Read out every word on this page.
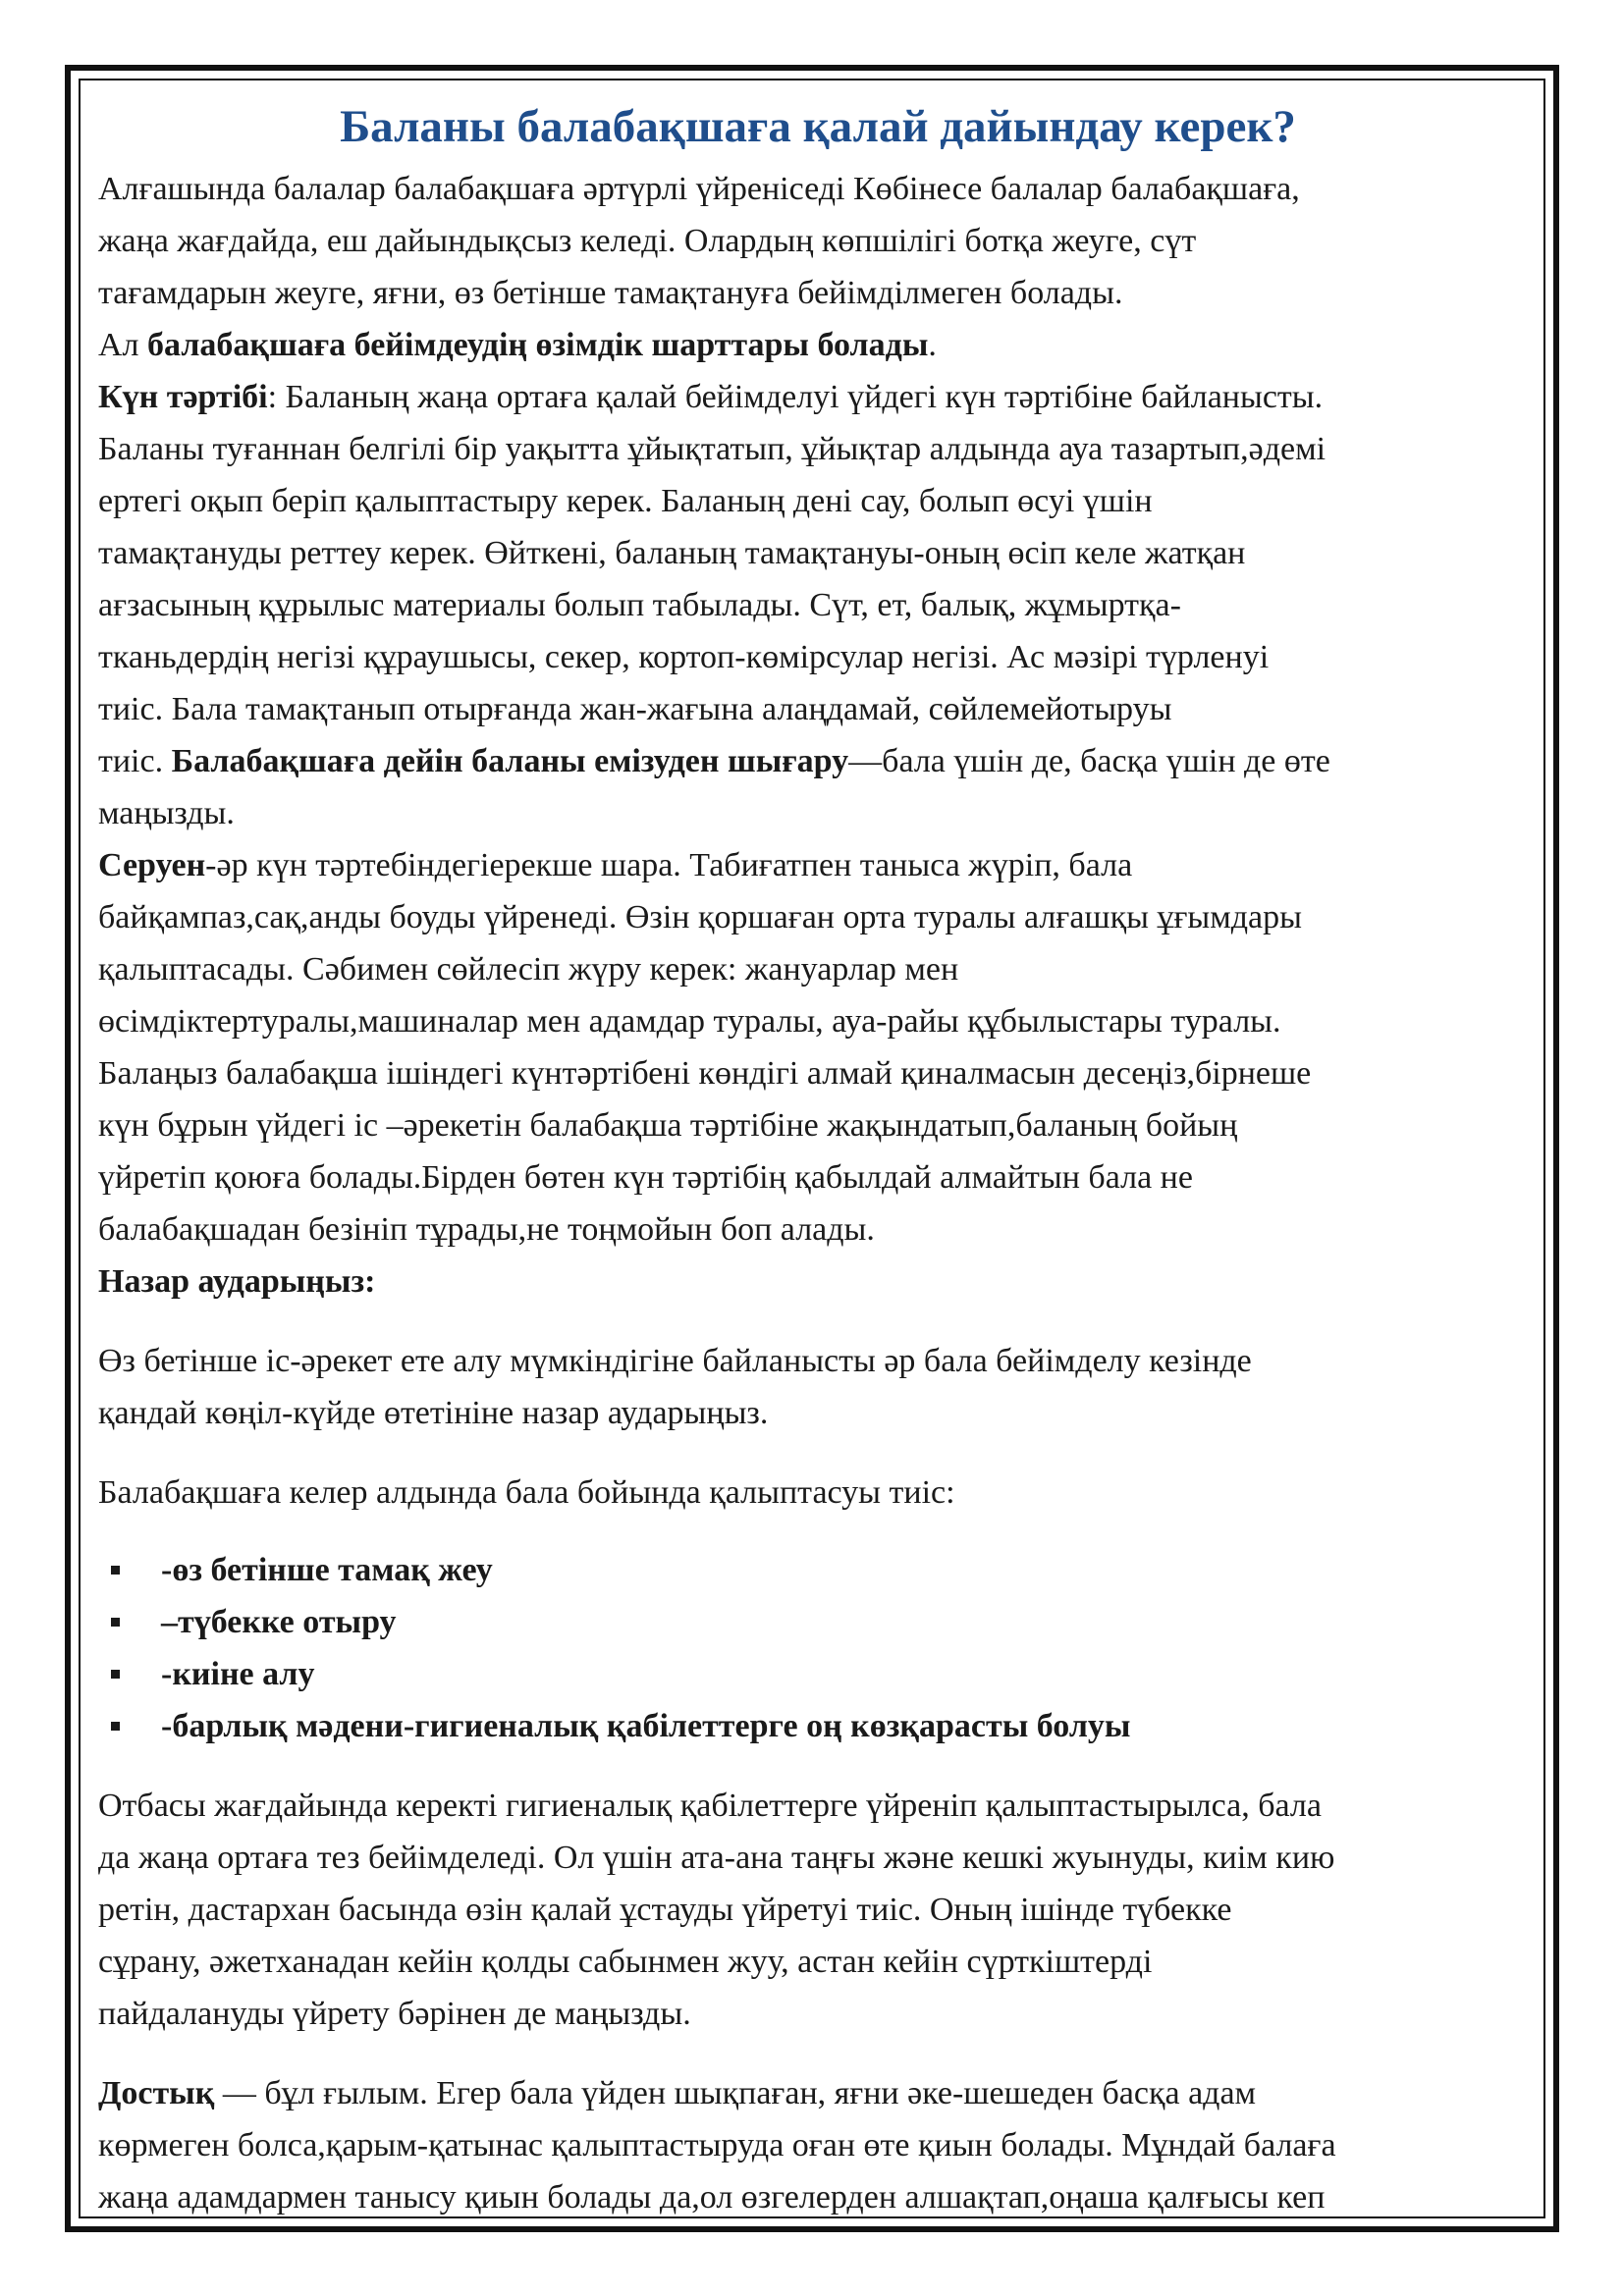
Баланы балабақшаға қалай дайындау керек?

Алғашында балалар балабақшаға әртүрлі үйреніседі Көбінесе балалар балабақшаға,

жаңа жағдайда, еш дайындықсыз келеді. Олардың көпшілігі ботқа жеуге, сүт

тағамдарын жеуге, яғни, өз бетінше тамақтануға бейімділмеген болады.

Ал балабақшаға бейімдеудің өзімдік шарттары болады.

Күн тәртібі: Баланың жаңа ортаға қалай бейімделуі үйдегі күн тәртібіне байланысты.

Баланы туғаннан белгілі бір уақытта ұйықтатып, ұйықтар алдында ауа тазартып,әдемі

ертегі оқып беріп қалыптастыру керек. Баланың дені сау, болып өсуі үшін

тамақтануды реттеу керек. Өйткені, баланың тамақтануы-оның өсіп келе жатқан

ағзасының құрылыс материалы болып табылады. Сүт, ет, балық, жұмыртқа-

тканьдердің негізі құраушысы, секер, кортоп-көмірсулар негізі. Ас мәзірі түрленуі

тиіс. Бала тамақтанып отырғанда жан-жағына алаңдамай, сөйлемейотыруы

тиіс. Балабақшаға дейін баланы емізуден шығару—бала үшін де, басқа үшін де өте

маңызды.

Серуен-әр күн тәртебіндегіерекше шара. Табиғатпен таныса жүріп, бала

байқампаз,сақ,анды боуды үйренеді. Өзін қоршаған орта туралы алғашқы ұғымдары

қалыптасады. Сәбимен сөйлесіп жүру керек: жануарлар мен

өсімдіктертуралы,машиналар мен адамдар туралы, ауа-райы құбылыстары туралы.

Балаңыз балабақша ішіндегі күнтәртібені көндігі алмай қиналмасын десеңіз,бірнеше

күн бұрын үйдегі іс –әрекетін балабақша тәртібіне жақындатып,баланың бойың

үйретіп қоюға болады.Бірден бөтен күн тәртібің қабылдай алмайтын бала не

балабақшадан безініп тұрады,не тоңмойын боп алады.

Назар аударыңыз:

Өз бетінше іс-әрекет ете алу мүмкіндігіне байланысты әр бала бейімделу кезінде

қандай көңіл-күйде өтетініне назар аударыңыз.

Балабақшаға келер алдында бала бойында қалыптасуы тиіс:

-өз бетінше тамақ жеу
–түбекке отыру
-киіне алу
-барлық мәдени-гигиеналық қабілеттерге оң көзқарасты болуы

Отбасы жағдайында керекті гигиеналық қабілеттерге үйреніп қалыптастырылса, бала

да жаңа ортаға тез бейімделеді. Ол үшін ата-ана таңғы және кешкі жуынуды, киім кию

ретін, дастархан басында өзін қалай ұстауды үйретуі тиіс. Оның ішінде түбекке

сұрану, әжетханадан кейін қолды сабынмен жуу, астан кейін сүрткіштерді

пайдалануды үйрету бәрінен де маңызды.

Достық — бұл ғылым. Егер бала үйден шықпаған, яғни әке-шешеден басқа адам

көрмеген болса,қарым-қатынас қалыптастыруда оған өте қиын болады. Мұндай балаға

жаңа адамдармен танысу қиын болады да,ол өзгелерден алшақтап,оңаша қалғысы кеп
